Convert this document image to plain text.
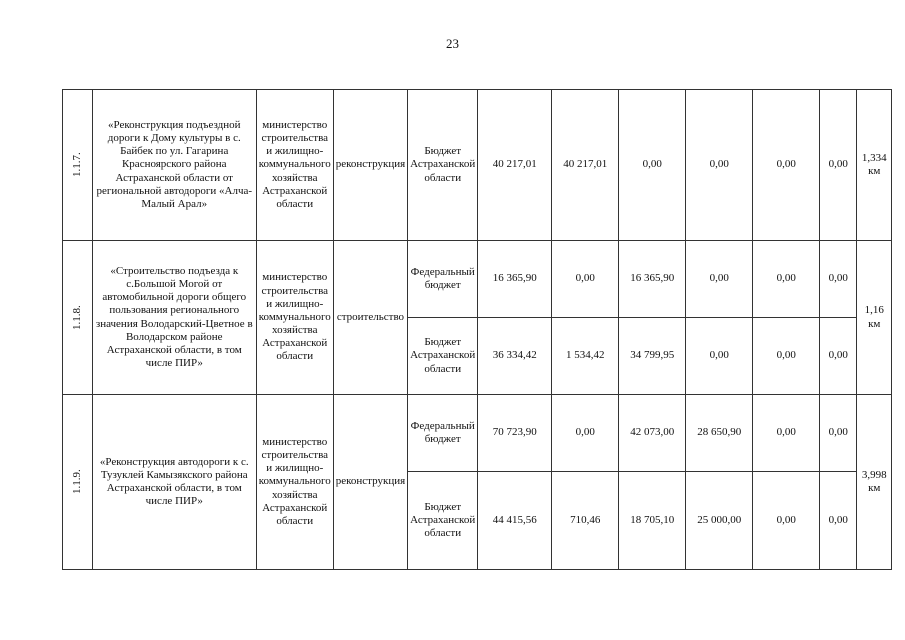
23
1.1.7.	«Реконструкция подъездной дороги к Дому культуры в с. Байбек по ул. Гагарина Красноярского района Астраханской области от региональной автодороги «Алча-Малый Арал»	министерство строительства и жилищно-коммунального хозяйства Астраханской области	реконструкция	Бюджет Астраханской области	40 217,01	40 217,01	0,00	0,00	0,00	0,00	1,334 км
1.1.8.	«Строительство подъезда к с.Большой Могой от автомобильной дороги общего пользования регионального значения Володарский-Цветное в Володарском районе Астраханской области, в том числе ПИР»	министерство строительства и жилищно-коммунального хозяйства Астраханской области	строительство	Федеральный бюджет	16 365,90	0,00	16 365,90	0,00	0,00	0,00	1,16 км
				Бюджет Астраханской области	36 334,42	1 534,42	34 799,95	0,00	0,00	0,00	
1.1.9.	«Реконструкция автодороги к с. Тузуклей Камызякского района Астраханской области, в том числе ПИР»	министерство строительства и жилищно-коммунального хозяйства Астраханской области	реконструкция	Федеральный бюджет	70 723,90	0,00	42 073,00	28 650,90	0,00	0,00	3,998 км
				Бюджет Астраханской области	44 415,56	710,46	18 705,10	25 000,00	0,00	0,00	
